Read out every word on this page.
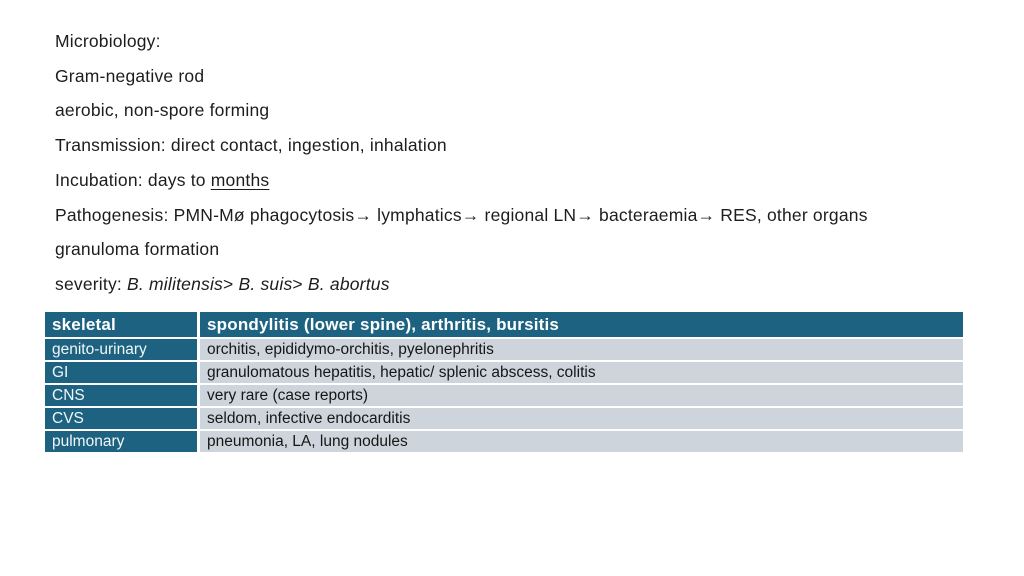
Microbiology:
Gram-negative rod
aerobic, non-spore forming
Transmission: direct contact, ingestion, inhalation
Incubation: days to months
Pathogenesis: PMN-Mø phagocytosis→ lymphatics→ regional LN→ bacteraemia→ RES, other organs
granuloma formation
severity: B. militensis> B. suis> B. abortus
skeletal	spondylitis (lower spine), arthritis, bursitis
genito-urinary	orchitis, epididymo-orchitis, pyelonephritis
GI	granulomatous hepatitis, hepatic/ splenic abscess, colitis
CNS	very rare (case reports)
CVS	seldom, infective endocarditis
pulmonary	pneumonia, LA, lung nodules
